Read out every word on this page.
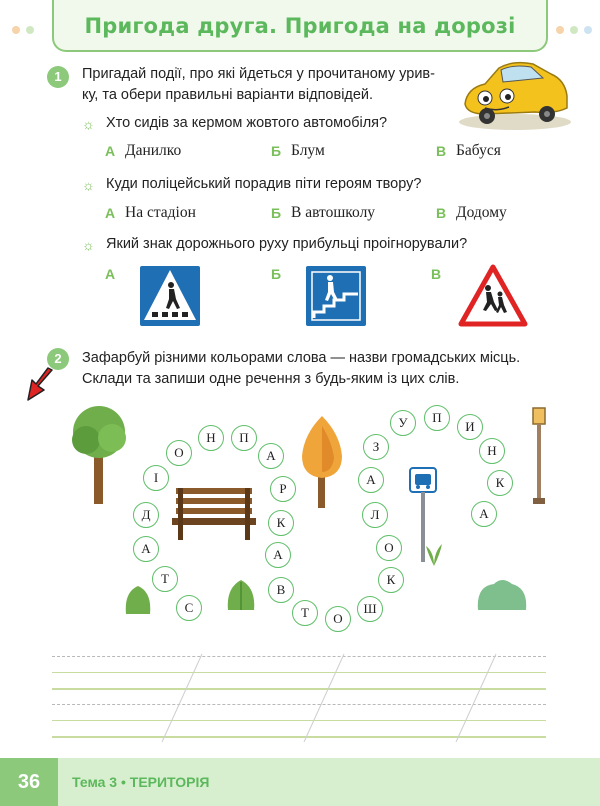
Пригода друга. Пригода на дорозі
1	Пригадай події, про які йдеться у прочитаному урив-
ку, та обери правильні варіанти відповідей.
☼ Хто сидів за кермом жовтого автомобіля?
А Данилко	Б Блум	В Бабуся
☼ Куди поліцейський порадив піти героям твору?
А На стадіон	Б В автошколу	В Додому
☼ Який знак дорожнього руху прибульці проігнорували?
А	Б	В
2	Зафарбуй різними кольорами слова — назви громадських місць.
Склади та запиши одне речення з будь-яким із цих слів.
С
Т
А
Д
І
О
Н	П
А
Р
К
А
В
Т	О
Ш
К
О
Л
А
З
У	П
И
Н
К
А
36	Тема 3 • ТЕРИТОРІЯ
